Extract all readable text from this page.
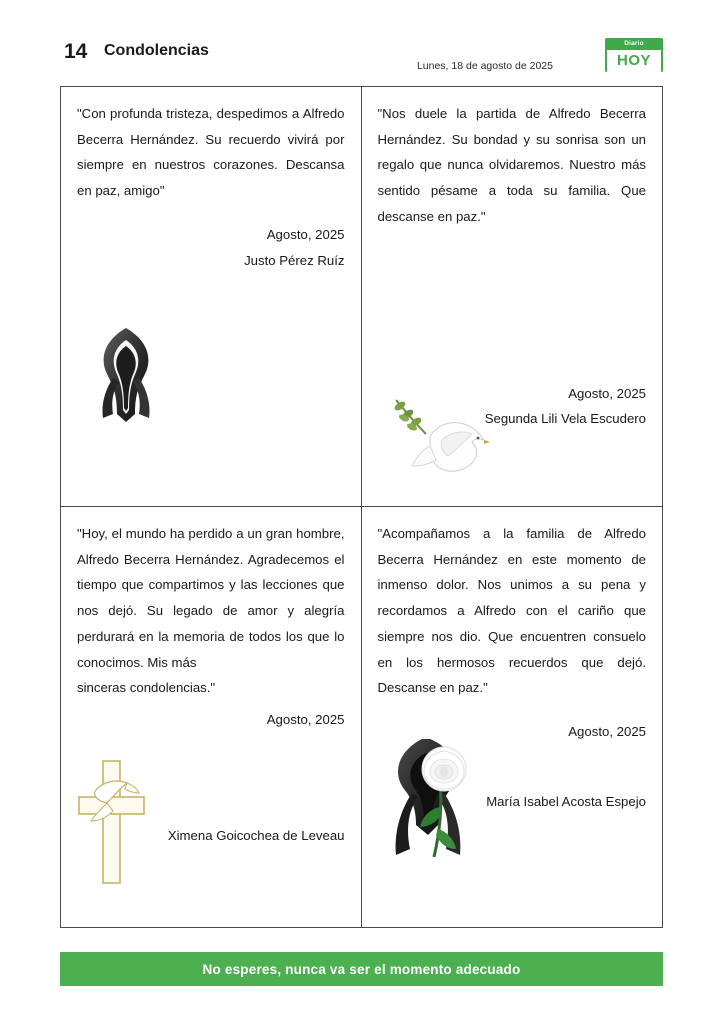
14 Condolencias
Lunes, 18 de agosto de 2025
Diario
HOY

"Con profunda tristeza, despedimos a Alfredo Becerra Hernández. Su recuerdo vivirá por siempre en nuestros corazones. Descansa en paz, amigo"

Agosto, 2025

Justo Pérez Ruíz

"Nos duele la partida de Alfredo Becerra Hernández. Su bondad y su sonrisa son un regalo que nunca olvidaremos. Nuestro más sentido pésame a toda su familia. Que descanse en paz."

Agosto, 2025

Segunda Lili Vela Escudero

"Hoy, el mundo ha perdido a un gran hombre, Alfredo Becerra Hernández. Agradecemos el tiempo que compartimos y las lecciones que nos dejó. Su legado de amor y alegría perdurará en la memoria de todos los que lo conocimos. Mis más

sinceras condolencias."

Agosto, 2025

Ximena Goicochea de Leveau

"Acompañamos a la familia de Alfredo Becerra Hernández en este momento de inmenso dolor. Nos unimos a su pena y recordamos a Alfredo con el cariño que siempre nos dio. Que encuentren consuelo en los hermosos recuerdos que dejó. Descanse en paz."

Agosto, 2025

María Isabel Acosta Espejo

No esperes, nunca va ser el momento adecuado
